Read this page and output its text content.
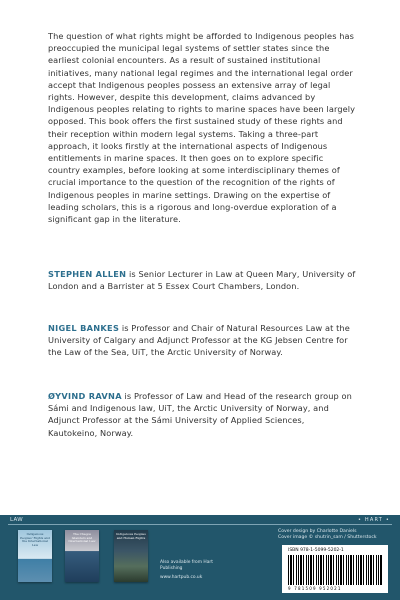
The question of what rights might be afforded to Indigenous peoples has preoccupied the municipal legal systems of settler states since the earliest colonial encounters. As a result of sustained institutional initiatives, many national legal regimes and the international legal order accept that Indigenous peoples possess an extensive array of legal rights. However, despite this development, claims advanced by Indigenous peoples relating to rights to marine spaces have been largely opposed. This book offers the first sustained study of these rights and their reception within modern legal systems. Taking a three-part approach, it looks firstly at the international aspects of Indigenous entitlements in marine spaces. It then goes on to explore specific country examples, before looking at some interdisciplinary themes of crucial importance to the question of the recognition of the rights of Indigenous peoples in marine settings. Drawing on the expertise of leading scholars, this is a rigorous and long-overdue exploration of a significant gap in the literature.

STEPHEN ALLEN is Senior Lecturer in Law at Queen Mary, University of London and a Barrister at 5 Essex Court Chambers, London.

NIGEL BANKES is Professor and Chair of Natural Resources Law at the University of Calgary and Adjunct Professor at the KG Jebsen Centre for the Law of the Sea, UiT, the Arctic University of Norway.

ØYVIND RAVNA is Professor of Law and Head of the research group on Sámi and Indigenous law, UiT, the Arctic University of Norway, and Adjunct Professor at the Sámi University of Applied Sciences, Kautokeino, Norway.

LAW	• HART •
Cover design by Charlotte Daniels
Cover image © shutrin_sam / Shutterstock
Indigenous Peoples' Rights and the International Law
The Chagos Islanders and International Law
Indigenous Peoples and Human Rights
Also available from Hart Publishing
www.hartpub.co.uk
ISBN 978-1-5099-5202-1
9 781509 952021
